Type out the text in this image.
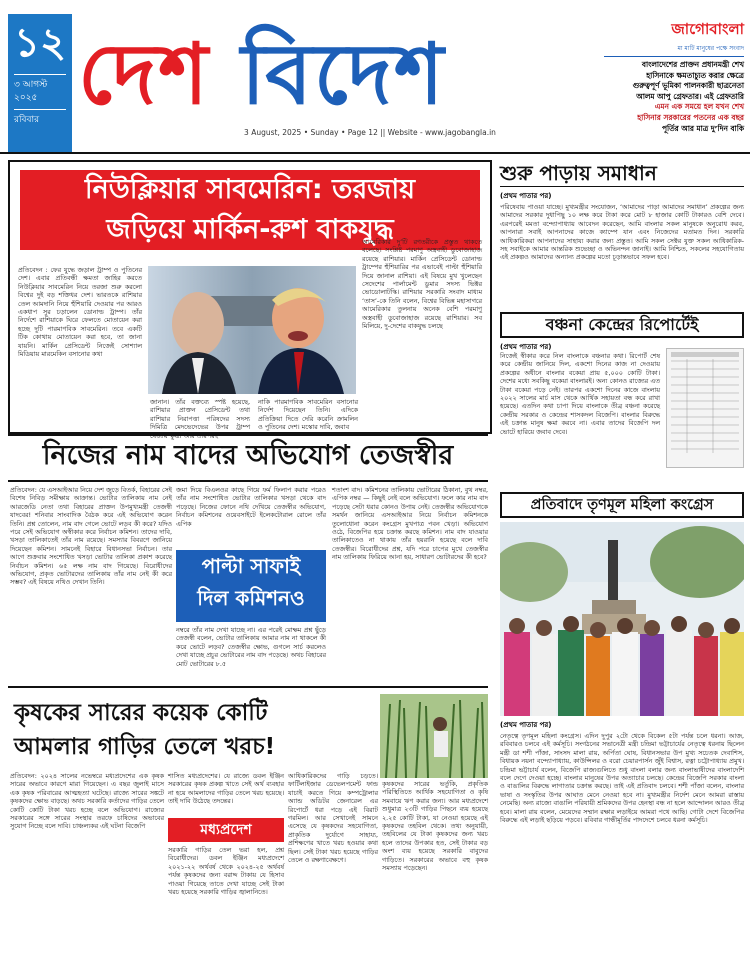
১২
৩ আগস্ট
২০২৫
রবিবার দেশ বিদেশ
3 August, 2025 • Sunday • Page 12 || Website - www.jagobangla.in
জাগোবাংলা
মা মাটি মানুষের পক্ষে সংবাদ
বাংলাদেশের প্রাক্তন প্রধানমন্ত্রী শেখ
হাসিনাকে ক্ষমতাচ্যুত করার ক্ষেত্রে
গুরুত্বপূর্ণ ভূমিকা পালনকারী ছাত্রনেতা
আলম আপু গ্রেফতার। এই গ্রেফতারি
এমন এক সময়ে হল যখন শেখ
হাসিনার সরকারের পতনের এক বছর
পূর্তির আর মাত্র দু’দিন বাকি
নিউক্লিয়ার সাবমেরিন: তরজায়
জড়িয়ে মার্কিন-রুশ বাকযুদ্ধ
প্রতিবেদন : ফের যুদ্ধে জড়াল ট্রাম্প ও পুতিনের দেশ। এবার প্রতিবন্ধী ক্ষমতা জাহির করতে নিউক্লিয়ার সাবমেরিন নিয়ে তরজা শুরু করলো বিশ্বের দুই বড় শক্তিধর দেশ। ভারতকে রাশিয়ার তেল আমদানি নিয়ে হুঁশিয়ারি দেওয়ার পর আরও একধাপ সুর চড়ালেন ডোনাল্ড ট্রাম্প। তাঁর নির্দেশে রাশিয়াকে ঘিরে ফেলতে মোতায়েন করা হচ্ছে দুটি পারমাণবিক সাবমেরিন। তবে একটি টিক কোথায় মোতায়েন করা হবে, তা জানা যায়নি। মার্কিন প্রেসিডেন্ট নিজেই সোশ্যাল মিডিয়ায় মারমেকিন বসানোর কথা
আমেরিকার দু’টি রণতরীকে প্রস্তুত থাকতে বলেছে। সংশ্লিষ্ট পরমাণু অস্ত্রবাহী ডুবোজাহাজ রয়েছে রাশিয়ার। মার্কিন প্রেসিডেন্ট ডোনাল্ড ট্রাম্পের হুঁশিয়ারির পর এভাবেই পাল্টা হুঁশিয়ারি দিয়ে জানাল রাশিয়া। এই বিষয়ে মুখ খুলেছেন সেদেশের পার্লামেন্ট ডুমার সদস্য ভিক্টর ভোডোলাটস্কি। রাশিয়ার সরকারি সংবাদ মাধ্যম ‘তাস’-কে তিনি বলেন, বিশ্বের বিভিন্ন মহাসাগরে আমেরিকার তুলনায় অনেক বেশি পরমাণু অস্ত্রবাহী ডুবোজাহাজ রয়েছে রাশিয়ার। সব মিলিয়ে, দু-দেশের বাকযুদ্ধ চলছে
জানান। তাঁর বক্তব্যে স্পষ্ট হয়েছে, রাশিয়ার প্রাক্তন প্রেসিডেন্ট তথা রাশিয়ার নিরাপত্তা পরিষদের সদস্য দিমিত্রি মেদভেদেভের উপর ট্রাম্প
নাকি পারমাণবিক সাবমেরিন বসানোর নির্দেশ দিয়েছেন তিনি। এদিকে প্রতিক্রিয়া দিতে দেরি করেনি ক্রামলিন ও পুতিনের দেশ। মস্কোর দাবি, জবাব
শুরু পাড়ায় সমাধান
(প্রথম পাতার পর)
পরিষেবায় পাওয়া যাচ্ছে। মুখ্যমন্ত্রীর সংযোজন, ‘আমাদের পাড়া আমাদের সমাধান’ প্রকল্পের জন্য আমাদের সরকার দুধাপিছু ১০ লক্ষ করে টাকা করে মোট ৮ হাজার কোটি টাকারও বেশি দেবে। এরপরেই মমতা বন্দ্যোপাধ্যায় আবেদন করেছেন, আমি বাংলার সকল মানুষকে অনুরোধ করব, আপনারা সবাই আপনাদের কাজে ক্যাম্পে যান এবং নিজেদের মতামত দিন। সরকারি আধিকারিকরা আপনাদের সাহায্য করার জন্য প্রস্তুত। আমি সকল সেক্টর যুক্ত সকল আধিকারিক-সহ সবাইকে আমার আন্তরিক শুভেচ্ছা ও অভিনন্দন জানাই। আমি নিশ্চিত, সকলের সহযোগিতায় এই প্রকল্পও আমাদের অন্যান্য প্রকল্পের মতো চূড়ান্তভাবে সফল হবে।
বঞ্চনা কেন্দ্রের রিপোর্টেই
(প্রথম পাতার পর)
নিজেই স্বীকার করে নিল বাংলাকে বঞ্চনার কথা। রিপোর্ট শেষ করে কেন্দ্রীয় জানিয়ে দিল, একশো দিনের কাজ না দেওয়ায় প্রকল্পের অধীনে বাংলার বকেয়া প্রায় ৫,০০০ কোটি টাকা। দেশের মধ্যে সবকিছু বকেয়া বাংলারই। অন্য কোনও রাজ্যের এত টাকা বকেয়া পড়ে নেই। তারপর একশো দিনের কাজে বাংলায় ২০২২ সালের মার্চ মাস থেকে আর্থিক সহায়তা বন্ধ করে রাখা হয়েছে। এতদিন কথা চাপা দিয়ে বাংলাকে তীব্র বঞ্চনা করেছে কেন্দ্রীয় সরকার ও কেন্দ্রের শাসকদল বিজেপি। বাংলার বিরুদ্ধে এই চক্রান্ত মানুষ ক্ষমা করবে না। এবার তাদের বিজেপি দল ভোটে হারিয়ে জবাব দেবে।
নিজের নাম বাদের অভিযোগ তেজস্বীর
প্রতিবেদন: যে এসআইআর নিয়ে দেশ জুড়ে বিতর্ক, বিহারের সেই বিশেষ নিবিড় সমীক্ষায় আক্রান্ত। ভোটার তালিকায় নাম নেই আরজেডি নেতা তথা বিহারের প্রাক্তন উপমুখ্যমন্ত্রী তেজস্বী যাদবের! শনিবার সাংবাদিক বৈঠক করে এই অভিযোগ করেন তিনি। প্রশ্ন তোলেন, নাম বাদ গেলে ভোটে লড়ব কী করে? যদিও পরে সেই অভিযোগ অস্বীকার করে নির্বাচন কমিশন। তাদের দাবি, খসড়া তালিকাতেই তাঁর নাম রয়েছে। সমস্যার বিবরণে জানিয়ে দিয়েছেন কমিশন। সামনেই বিহারে বিধানসভা নির্বাচন। তার আগে শুক্রবার সংশোধিত খসড়া ভোটার তালিকা প্রকাশ করেছে নির্বাচন কমিশন। ৬৫ লক্ষ নাম বাদ গিয়েছে। বিরোধীদের অভিযোগ, প্রকৃত ভোটারদের তালিকায় তাঁর নাম নেই কী করে সম্ভব? এই বিষয়ে নথিও দেখান তিনি।
জমা দিয়ে বিএলওর কাছে গিয়ে ফর্ম ফিলাপ করার পরেও তাঁর নাম সংশোধিত ভোটার তালিকার খসড়া থেকে বাদ পড়েছে। নিজের ফোনে নথি দেখিয়ে তেজস্বীর অভিযোগ, নির্বাচন কমিশনের ওয়েবসাইটে ইলেকটোরাল রোলে তাঁর এপিক
পাল্টা সাফাই
দিল কমিশনও
নম্বরে তাঁর নাম দেখা যাচ্ছে না। এর পরেই মোক্ষম প্রশ্ন ছুঁড়ে তেজস্বী বলেন, ভোটার তালিকায় আমার নাম না থাকলে কী করে ভোটে লড়ব? তেজস্বীর ক্ষোভ, গুগলে সার্চ করলেও দেখা যাচ্ছে প্রচুর ভোটারের নাম বাদ পড়েছে। অথচ বিহারের মোট ভোটারের ৮.৫
শতাংশ বাদ। কমিশনের তালিকায় ভোটারের ঠিকানা, বুথ নম্বর, এপিক নম্বর — কিছুই নেই বলে অভিযোগ। ফলে কার নাম বাদ পড়েছে সেটা ধরার কোনও উপায় নেই। তেজস্বীর অভিযোগকে সমর্থন জানিয়ে এসআইআর নিয়ে নির্বাচন কমিশনকে তুলোধোনা করেন কংগ্রেস মুখপাত্র পবন খেড়া। অভিযোগ ওঠে, বিজেপির হয়ে চক্রান্ত করছে কমিশন। নাম বাদ যাওয়ার তালিকাতেও না থাকায় তাঁর হয়রানি হয়েছে বলে দাবি তেজস্বীর। বিরোধীদের প্রশ্ন, যদি পরে চাপের মুখে তেজস্বীর নাম তালিকায় ফিরিয়ে আনা হয়, সাধারণ ভোটারদের কী হবে?
প্রতিবাদে তৃণমূল মহিলা কংগ্রেস
(প্রথম পাতার পর)
নেতৃত্বে তৃণমূল মহিলা কংগ্রেস। এদিন দুপুর ২টো থেকে বিকেল ৫টা পর্যন্ত চলে ধরনা। আজ, রবিবারও চলবে এই কর্মসূচি। সংগঠনের সভানেত্রী মন্ত্রী চন্দ্রিমা ভট্টাচার্যের নেতৃত্বে ধরনায় ছিলেন মন্ত্রী ডা শশী পাঁজা, সাংসদ মালা রায়, অর্পিতা ঘোষ, বিধানসভার উপ মুখ্য সচেতক দেবাশিস, বিধায়ক নয়না বন্দ্যোপাধ্যায়, কাউন্সিলর ও বরো চেয়ারপার্সন জুঁই বিশ্বাস, রত্না চট্টোপাধ্যায় প্রমুখ। চন্দ্রিমা ভট্টাচার্য বলেন, বিজেপি রাজ্যগুলিতে শুধু বাংলা বলার জন্য বাংলাভাষীদের বাংলাদেশি বলে দেগে দেওয়া হচ্ছে। বাংলার মানুষের উপর অত্যাচার চলছে। কেন্দ্রের বিজেপি সরকার বাংলা ও বাঙালির বিরুদ্ধে লাগাতার চক্রান্ত করছে। তাই এই প্রতিবাদ চলবে। শশী পাঁজা বলেন, বাংলার ভাষা ও সংস্কৃতির উপর আঘাত মেনে নেওয়া হবে না। মুখ্যমন্ত্রীর নির্দেশ মেনে আমরা রাস্তায় নেমেছি। অন্য রাজ্যে বাঙালি পরিযায়ী শ্রমিকদের উপর হেনস্থা বন্ধ না হলে আন্দোলন আরও তীব্র হবে। মালা রায় বলেন, মেয়েদের সম্মান রক্ষার লড়াইয়ে আমরা পথে আছি। গোটা দেশে বিজেপির বিরুদ্ধে এই লড়াই ছড়িয়ে পড়বে। রবিবার গান্ধীমূর্তির পাদদেশে চলবে ধরনা কর্মসূচি।
কৃষকের সারের কয়েক কোটি
আমলার গাড়ির তেলে খরচ!
প্রতিবেদন: ২০২৪ সালের নভেম্বরে মধ্যপ্রদেশের এক কৃষক সারের অভাবে কারণে মারা গিয়েছেন। এ বছর জুলাই মাসে এক কৃষক পরিবারের আত্মহত্যা ঘটেছে। রাজ্যে সারের সঙ্কটে কৃষকদের ক্ষোভ বাড়ছে। অথচ সরকারি কর্তাদের গাড়ির তেলে কোটি কোটি টাকা খরচ হচ্ছে বলে অভিযোগ। রাজ্যের সরকারের সঙ্গে সারের সংস্থার তরফে চাষিদের অভাবের সুযোগ নিচ্ছে বলে দাবি। চাঞ্চল্যকর এই ঘটনা বিজেপি
শাসিত মধ্যপ্রদেশের। যে রাজ্যে ডবল ইঞ্জিন সরকারের কৃষক প্রকল্প খাতে সেই অর্থ ব্যবহার না হয়ে আমলাদের গাড়ির তেলে খরচ হয়েছে। তাই দাবি উঠেছে তদন্তের।
মধ্যপ্রদেশ
সরকারি গাড়ির তেল ভরা হল, প্রশ্ন বিরোধীদের। ডবল ইঞ্জিন মধ্যপ্রদেশে ২০২১-২২ অর্থবর্ষ থেকে ২০২৪-২৫ অর্থবর্ষ পর্যন্ত কৃষকদের জন্য বরাদ্দ টাকায় যে হিসাব পাওয়া গিয়েছে তাতে দেখা যাচ্ছে সেই টাকা খরচ হয়েছে সরকারি গাড়ির জ্বালানিতে।
আধিকারিকদের গাড়ি চড়তে। ফার্টিলাইজার ডেভেলপমেন্ট ফান্ড যাচাই করতে গিয়ে কম্পট্রোলার অ্যান্ড অডিটর জেনারেল এর রিপোর্টে ধরা পড়ে এই বিরাট গরমিল। আর সেখানেই সামনে এসেছে যে কৃষকদের সহযোগিতা, প্রাকৃতিক দুর্যোগে সাহায্য, প্রশিক্ষণের খাতে খরচ হওয়ার কথা ছিল। সেই টাকা খরচ হয়েছে গাড়ির তেলে ও রক্ষণাবেক্ষণে।
কৃষকদের সারের ভর্তুকি, প্রকৃতিক পরিস্থিতিতে আর্থিক সহযোগিতা ও কৃষি সমবায়ে ঋণ করার জন্য। আর মধ্যপ্রদেশে শুধুমাত্র ২৩টি গাড়ির পিছনে ব্যয় হয়েছে ২.২৫ কোটি টাকা, যা নেওয়া হয়েছে এই কৃষকদের তহবিল থেকে। তথ্য অনুযায়ী, তহবিলের যে টাকা কৃষকদের জন্য খরচ হলে তাদের উপকার হত, সেই টাকার বড় অংশ ব্যয় হয়েছে সরকারি বাবুদের গাড়িতে। সরকারের অভাবে বহু কৃষক সমস্যায় পড়েছেন।
